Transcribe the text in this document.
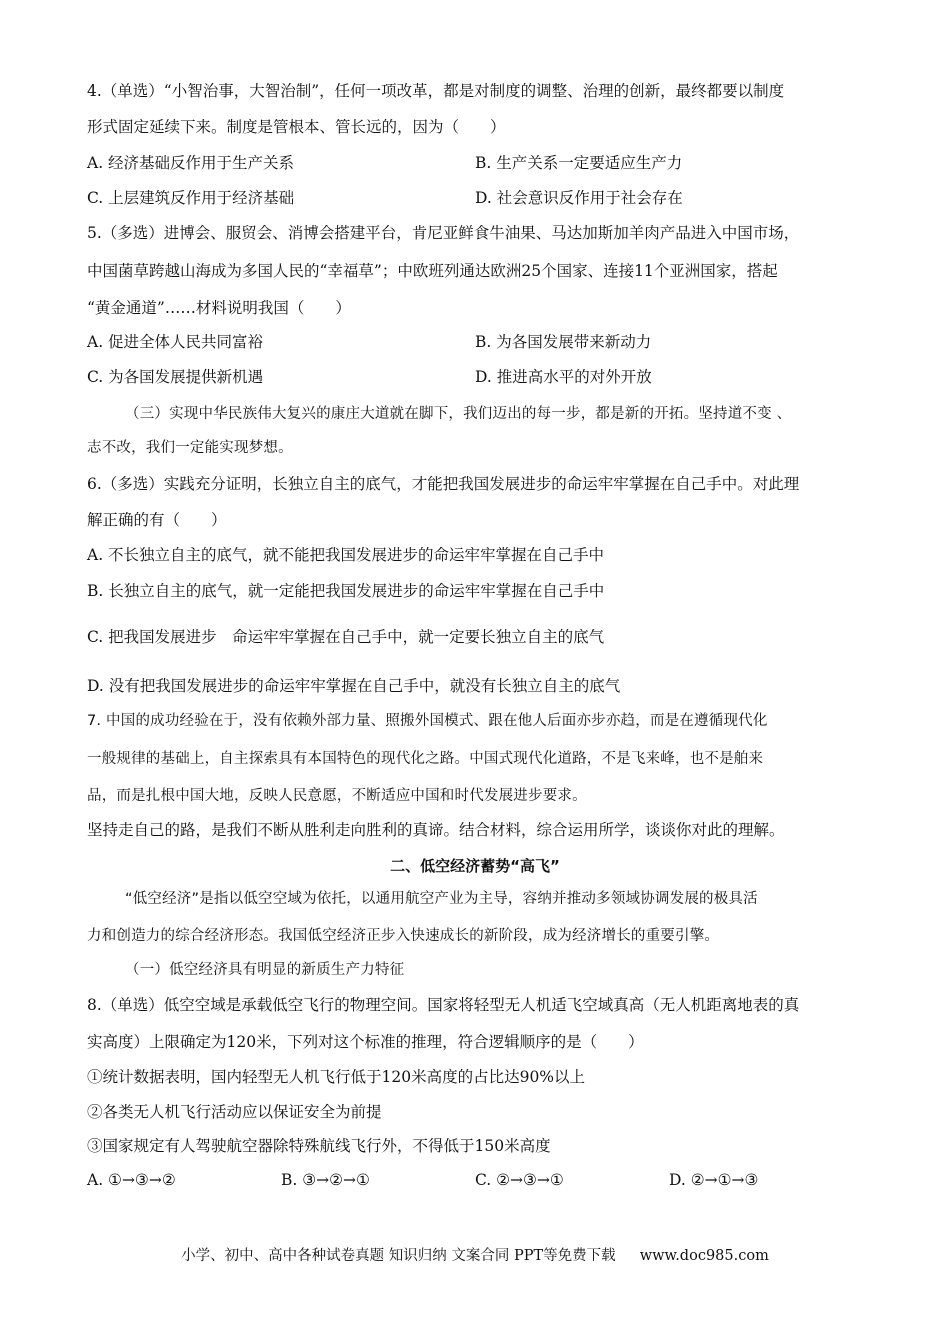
4.（单选）“小智治事，大智治制”，任何一项改革，都是对制度的调整、治理的创新，最终都要以制度
形式固定延续下来。制度是管根本、管长远的，因为（　　）
A. 经济基础反作用于生产关系	B. 生产关系一定要适应生产力
C. 上层建筑反作用于经济基础	D. 社会意识反作用于社会存在
5.（多选）进博会、服贸会、消博会搭建平台，肯尼亚鲜食牛油果、马达加斯加羊肉产品进入中国市场，
中国菌草跨越山海成为多国人民的“幸福草”；中欧班列通达欧洲25个国家、连接11个亚洲国家，搭起
“黄金通道”……材料说明我国（　　）
A. 促进全体人民共同富裕	B. 为各国发展带来新动力
C. 为各国发展提供新机遇	D. 推进高水平的对外开放
（三）实现中华民族伟大复兴的康庄大道就在脚下，我们迈出的每一步，都是新的开拓。坚持道不变 、
志不改，我们一定能实现梦想。
6.（多选）实践充分证明，长独立自主的底气，才能把我国发展进步的命运牢牢掌握在自己手中。对此理
解正确的有（　　）
A. 不长独立自主的底气，就不能把我国发展进步的命运牢牢掌握在自己手中
B. 长独立自主的底气，就一定能把我国发展进步的命运牢牢掌握在自己手中
C. 把我国发展进步　命运牢牢掌握在自己手中，就一定要长独立自主的底气
D. 没有把我国发展进步的命运牢牢掌握在自己手中，就没有长独立自主的底气
7. 中国的成功经验在于，没有依赖外部力量、照搬外国模式、跟在他人后面亦步亦趋，而是在遵循现代化
一般规律的基础上，自主探索具有本国特色的现代化之路。中国式现代化道路，不是飞来峰，也不是舶来
品，而是扎根中国大地，反映人民意愿，不断适应中国和时代发展进步要求。
坚持走自己的路，是我们不断从胜利走向胜利的真谛。结合材料，综合运用所学，谈谈你对此的理解。
二、低空经济蓄势“高飞”
“低空经济”是指以低空空域为依托，以通用航空产业为主导，容纳并推动多领域协调发展的极具活
力和创造力的综合经济形态。我国低空经济正步入快速成长的新阶段，成为经济增长的重要引擎。
（一）低空经济具有明显的新质生产力特征
8.（单选）低空空域是承载低空飞行的物理空间。国家将轻型无人机适飞空域真高（无人机距离地表的真
实高度）上限确定为120米，下列对这个标准的推理，符合逻辑顺序的是（　　）
①统计数据表明，国内轻型无人机飞行低于120米高度的占比达90%以上
②各类无人机飞行活动应以保证安全为前提
③国家规定有人驾驶航空器除特殊航线飞行外，不得低于150米高度
A. ①→③→②	B. ③→②→①	C. ②→③→①	D. ②→①→③
小学、初中、高中各种试卷真题 知识归纳 文案合同 PPT等免费下载 www.doc985.com
